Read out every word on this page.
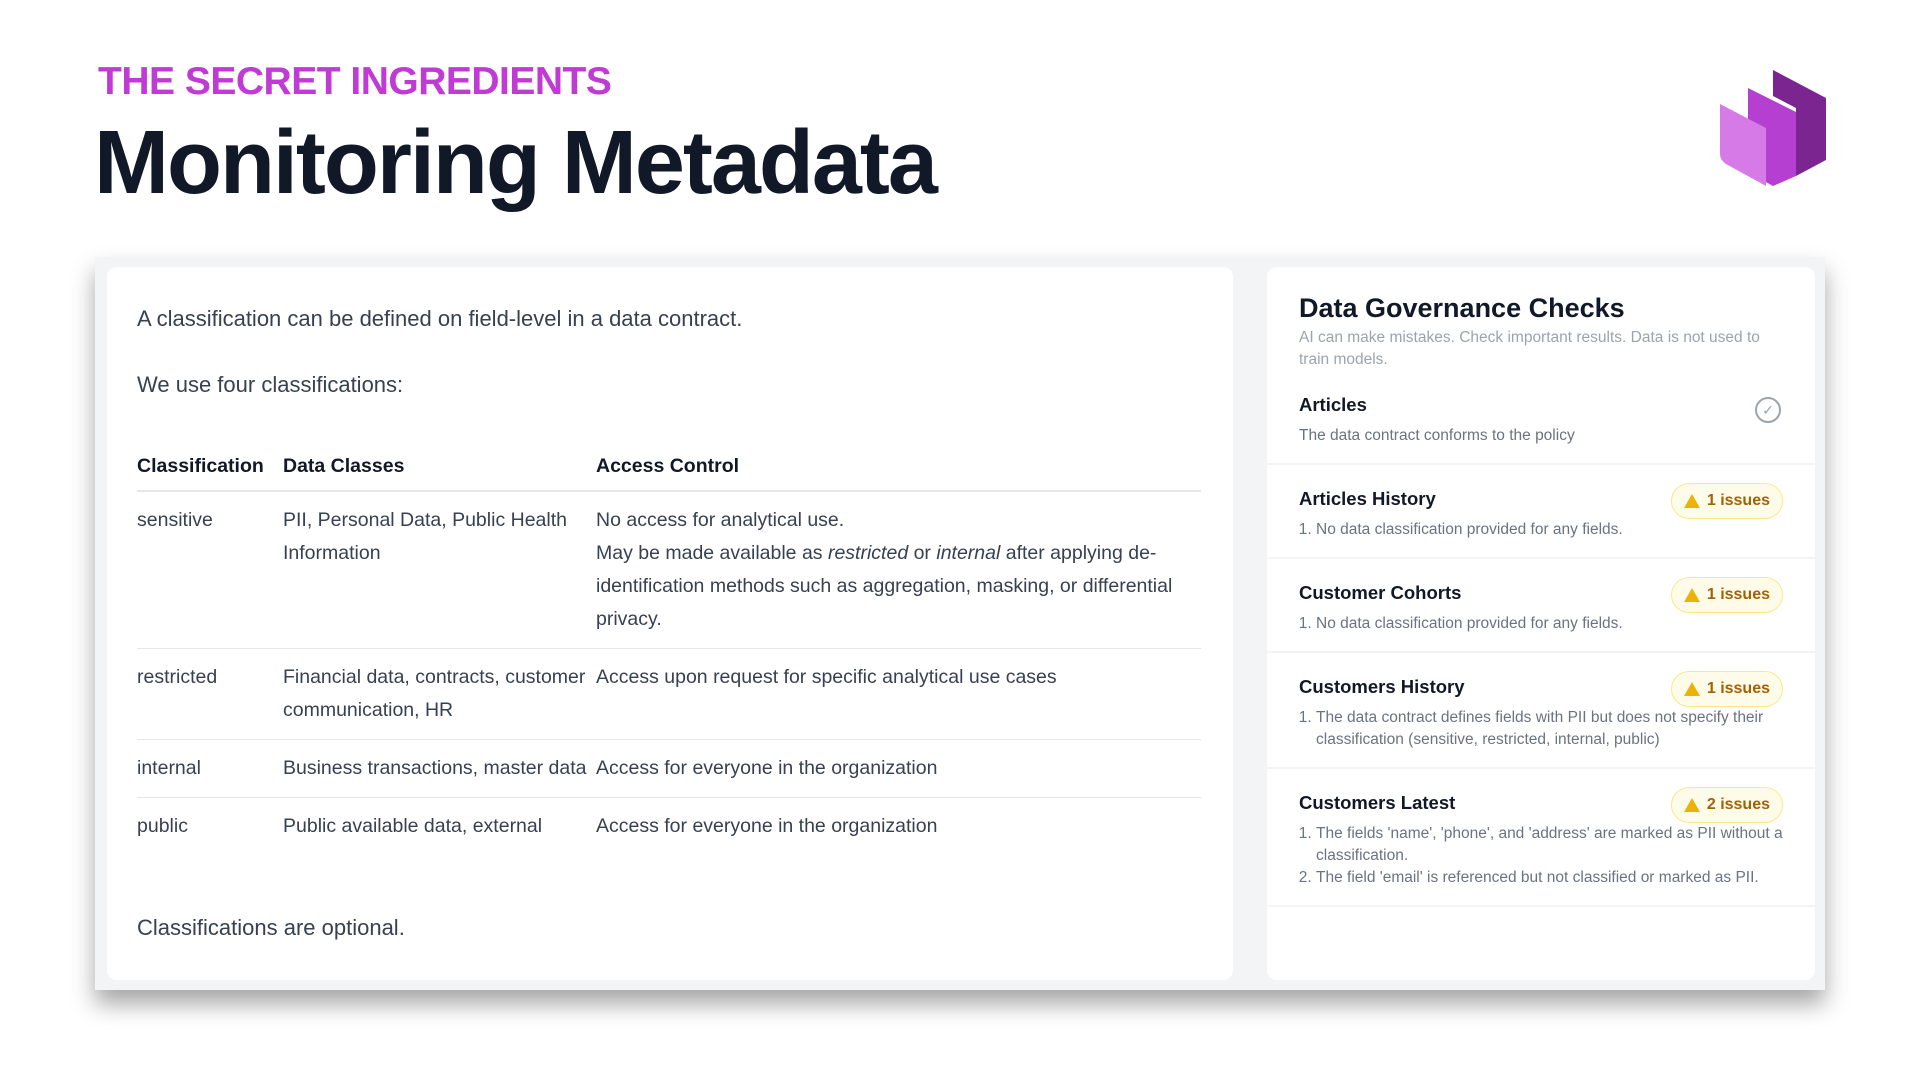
THE SECRET INGREDIENTS
Monitoring Metadata
A classification can be defined on field-level in a data contract.
We use four classifications:
Classification	Data Classes	Access Control
sensitive	PII, Personal Data, Public Health Information	No access for analytical use.
May be made available as restricted or internal after applying de-identification methods such as aggregation, masking, or differential privacy.

restricted	Financial data, contracts, customer communication, HR	Access upon request for specific analytical use cases
internal	Business transactions, master data	Access for everyone in the organization
public	Public available data, external	Access for everyone in the organization
Classifications are optional.
Data Governance Checks
AI can make mistakes. Check important results. Data is not used to train models.
Articles
The data contract conforms to the policy
✓
Articles History	1 issues
1. No data classification provided for any fields.
Customer Cohorts	1 issues
1. No data classification provided for any fields.
Customers History	1 issues
1. The data contract defines fields with PII but does not specify their classification (sensitive, restricted, internal, public)
Customers Latest	2 issues
1. The fields 'name', 'phone', and 'address' are marked as PII without a classification.
2. The field 'email' is referenced but not classified or marked as PII.
